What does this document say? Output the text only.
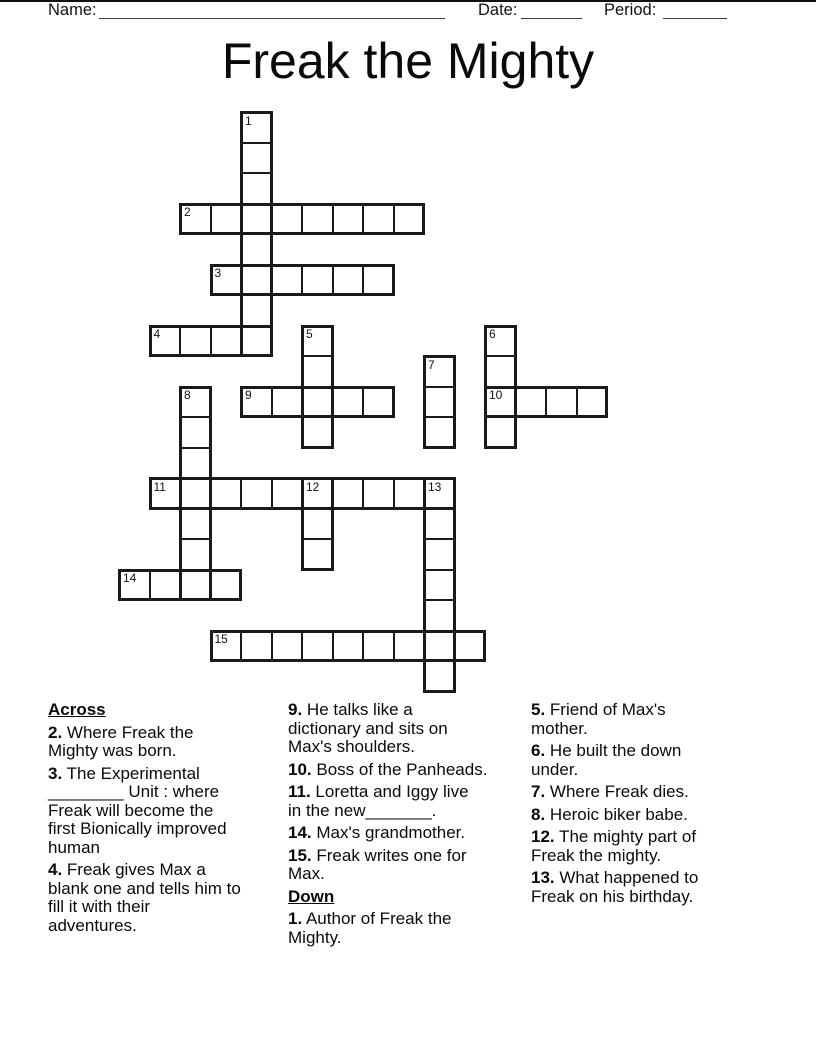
Name:	Date:	Period:
Freak the Mighty
1
2
3
4	5	6
10
7
8	9
11	12	13
14
15
Across
2. Where Freak the
Mighty was born.
3. The Experimental
________ Unit : where
Freak will become the
first Bionically improved
human
4. Freak gives Max a
blank one and tells him to
fill it with their
adventures.
9. He talks like a
dictionary and sits on
Max's shoulders.
10. Boss of the Panheads.
11. Loretta and Iggy live
in the new_______.
14. Max's grandmother.
15. Freak writes one for
Max.
Down
1. Author of Freak the
Mighty.
5. Friend of Max's
mother.
6. He built the down
under.
7. Where Freak dies.
8. Heroic biker babe.
12. The mighty part of
Freak the mighty.
13. What happened to
Freak on his birthday.
